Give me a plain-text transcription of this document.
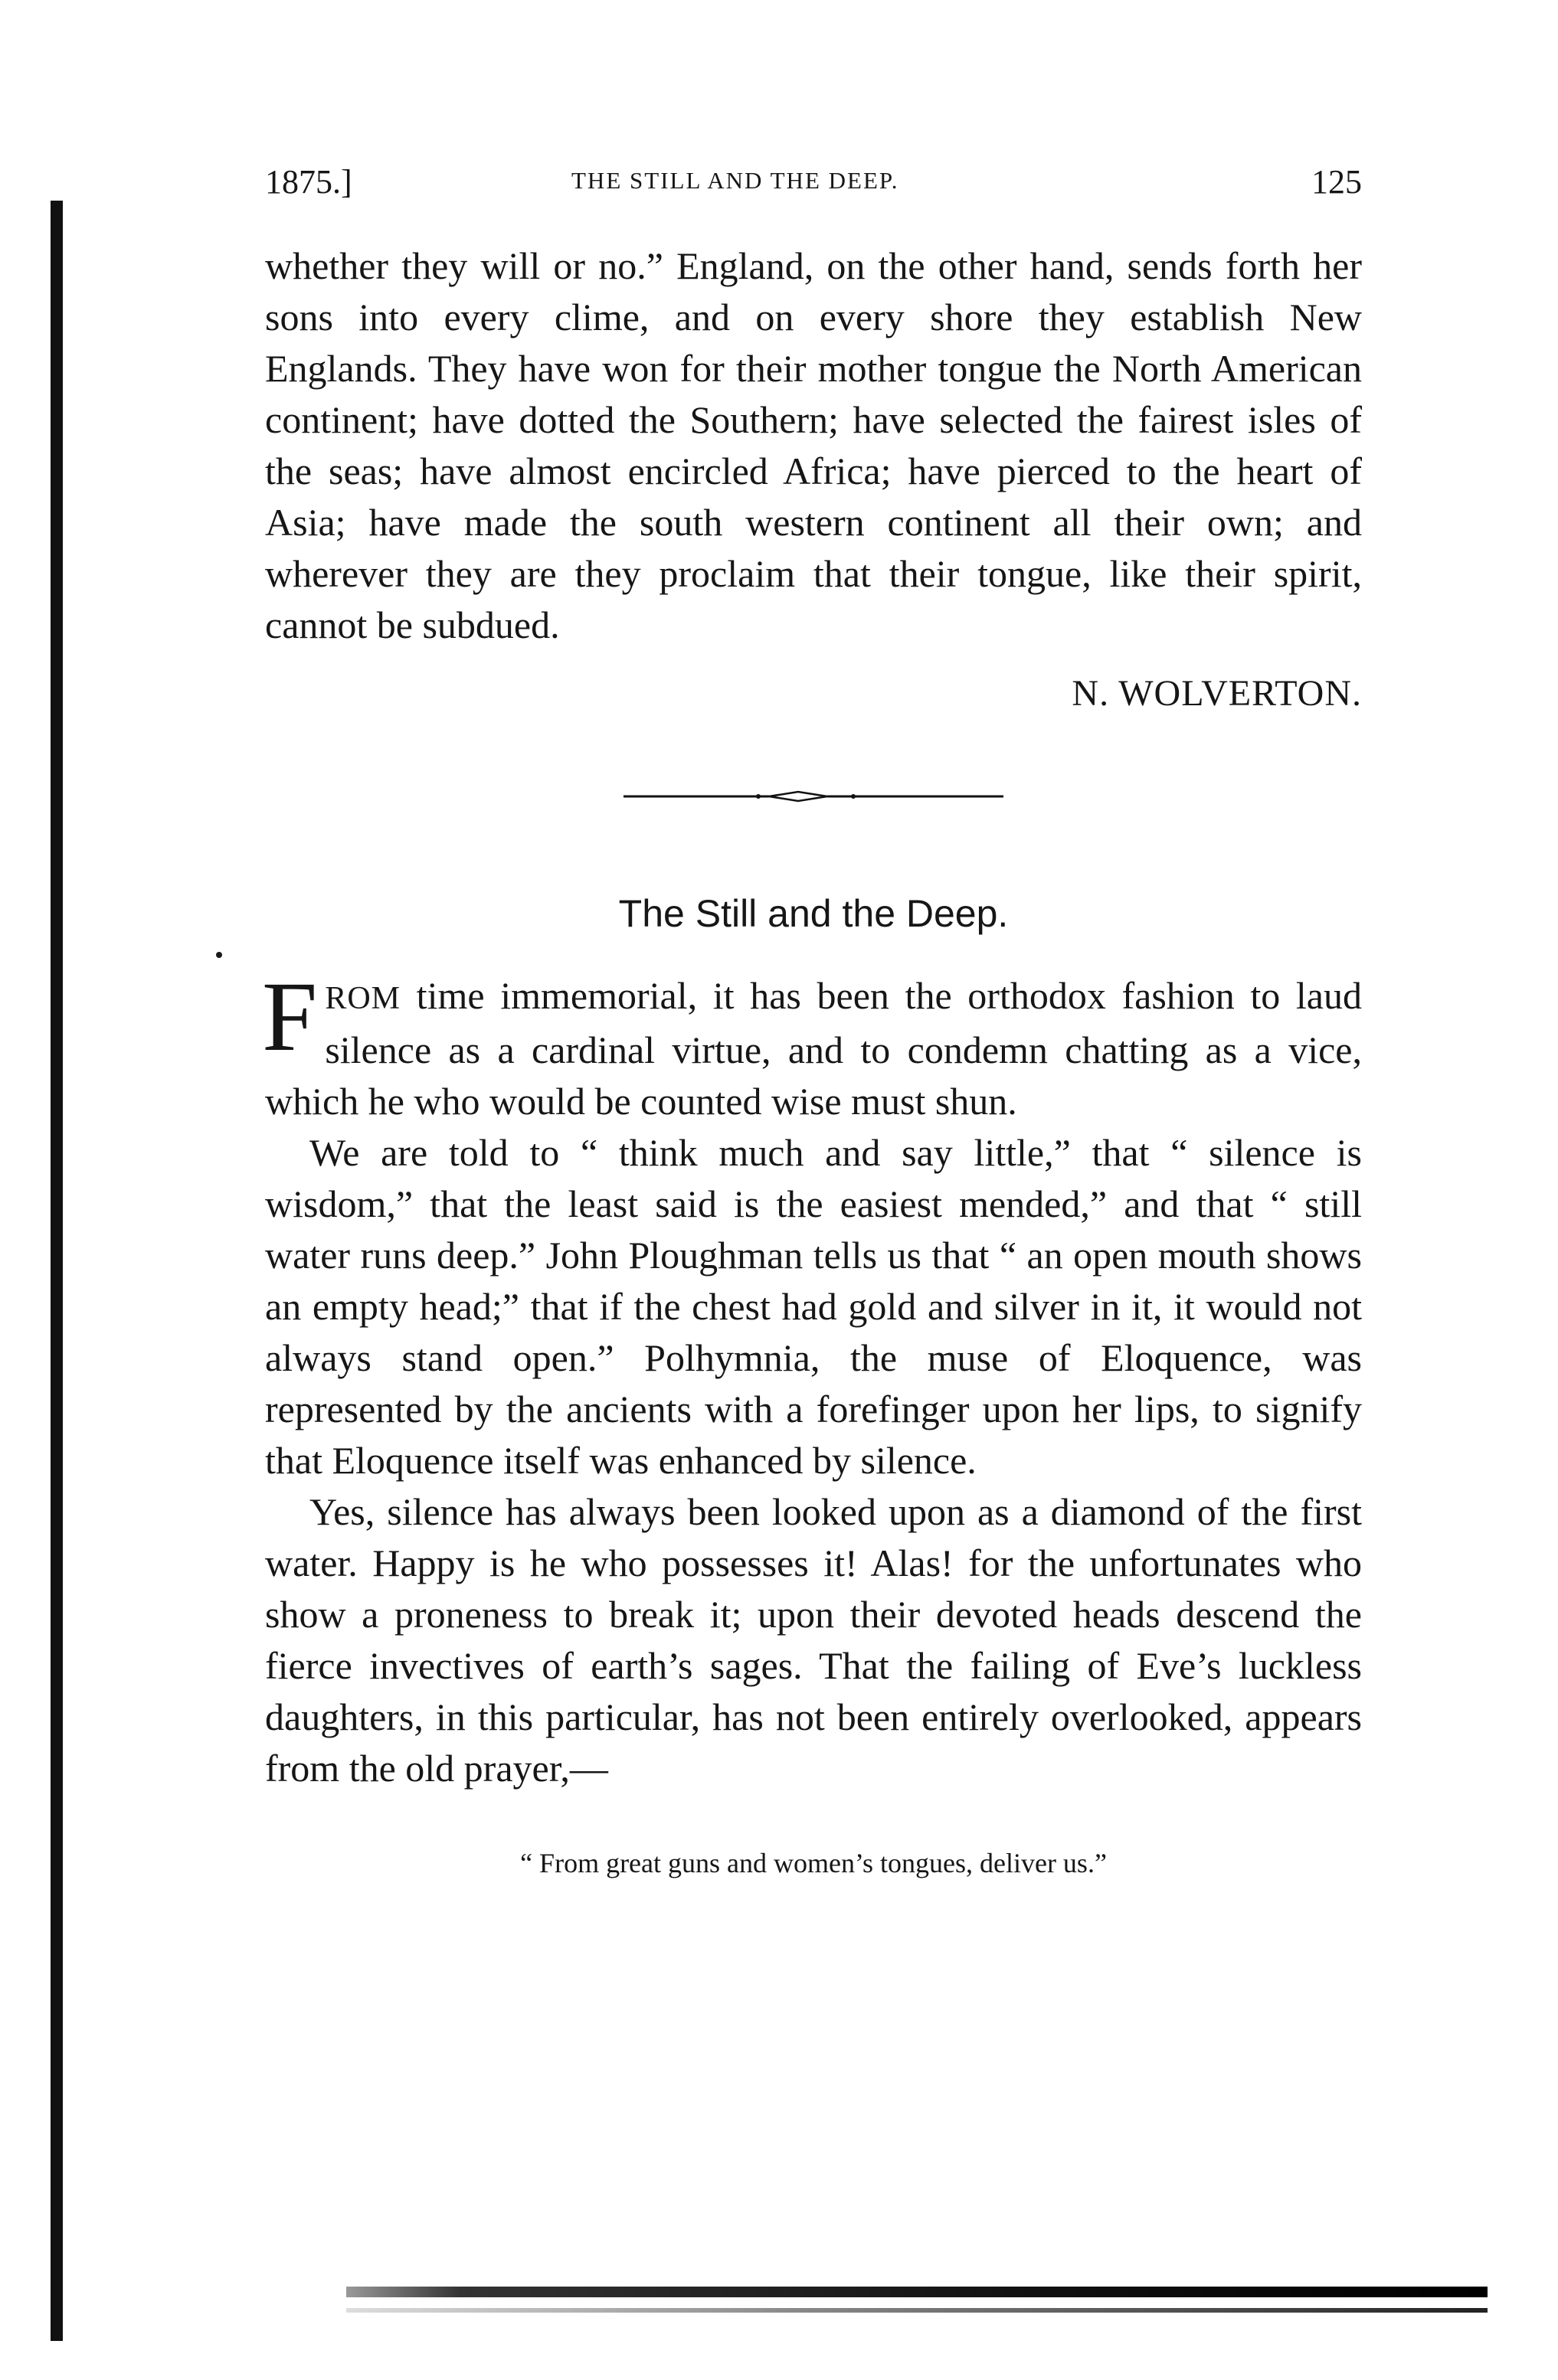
1875.]	THE STILL AND THE DEEP.	125

whether they will or no.” England, on the other hand, sends forth her sons into every clime, and on every shore they establish New Englands. They have won for their mother tongue the North American continent; have dotted the Southern; have selected the fairest isles of the seas; have almost encircled Africa; have pierced to the heart of Asia; have made the south western continent all their own; and wherever they are they proclaim that their tongue, like their spirit, cannot be subdued.

N. WOLVERTON.
The Still and the Deep.

FROM time immemorial, it has been the orthodox fashion to laud silence as a cardinal virtue, and to condemn chatting as a vice, which he who would be counted wise must shun.

We are told to “ think much and say little,” that “ silence is wisdom,” that the least said is the easiest mended,” and that “ still water runs deep.” John Ploughman tells us that “ an open mouth shows an empty head;” that if the chest had gold and silver in it, it would not always stand open.” Polhymnia, the muse of Eloquence, was represented by the ancients with a forefinger upon her lips, to signify that Eloquence itself was enhanced by silence.

Yes, silence has always been looked upon as a diamond of the first water. Happy is he who possesses it! Alas! for the unfortunates who show a proneness to break it; upon their devoted heads descend the fierce invectives of earth’s sages. That the failing of Eve’s luckless daughters, in this particular, has not been entirely overlooked, appears from the old prayer,—

“ From great guns and women’s tongues, deliver us.”
